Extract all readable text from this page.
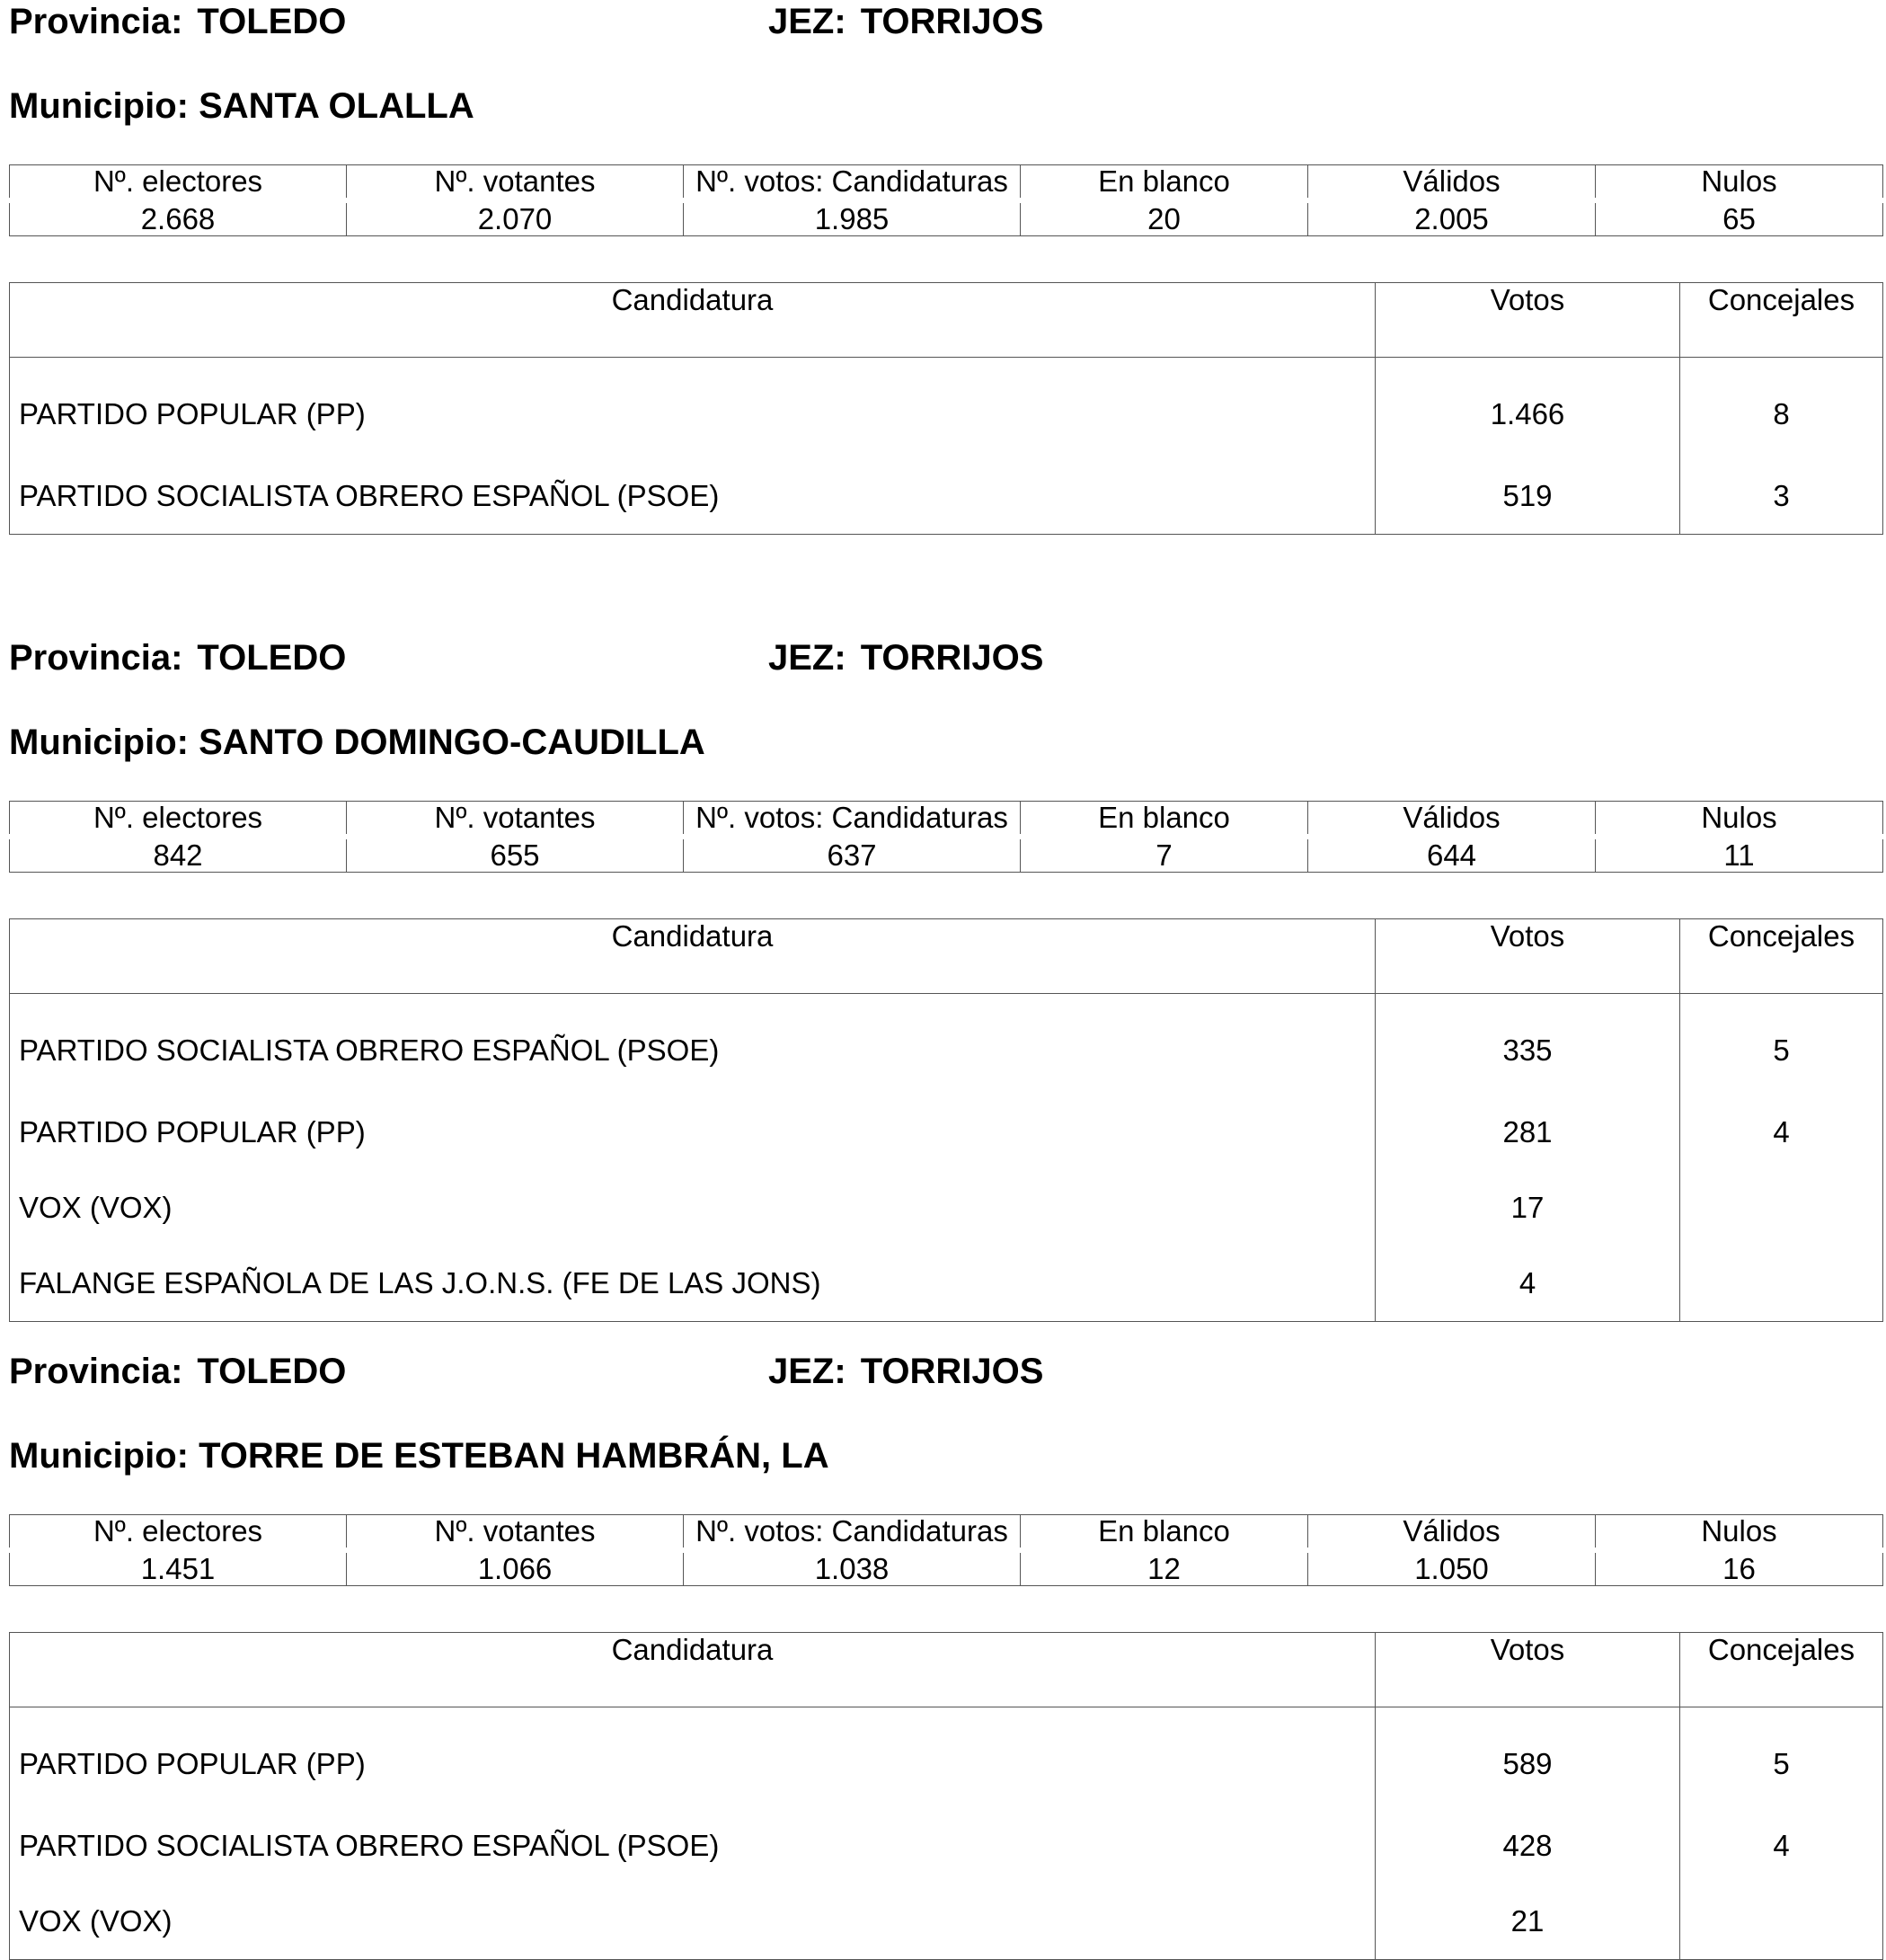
Provincia: TOLEDO	JEZ: TORRIJOS
Municipio: SANTA OLALLA
Nº. electores	Nº. votantes	Nº. votos: Candidaturas	En blanco	Válidos	Nulos
2.668	2.070	1.985	20	2.005	65
Candidatura	Votos	Concejales
PARTIDO POPULAR (PP)	1.466	8
PARTIDO SOCIALISTA OBRERO ESPAÑOL (PSOE)	519	3
Provincia: TOLEDO	JEZ: TORRIJOS
Municipio: SANTO DOMINGO-CAUDILLA
Nº. electores	Nº. votantes	Nº. votos: Candidaturas	En blanco	Válidos	Nulos
842	655	637	7	644	11
Candidatura	Votos	Concejales
PARTIDO SOCIALISTA OBRERO ESPAÑOL (PSOE)	335	5
PARTIDO POPULAR (PP)	281	4
VOX (VOX)	17	
FALANGE ESPAÑOLA DE LAS J.O.N.S. (FE DE LAS JONS)	4	
Provincia: TOLEDO	JEZ: TORRIJOS
Municipio: TORRE DE ESTEBAN HAMBRÁN, LA
Nº. electores	Nº. votantes	Nº. votos: Candidaturas	En blanco	Válidos	Nulos
1.451	1.066	1.038	12	1.050	16
Candidatura	Votos	Concejales
PARTIDO POPULAR (PP)	589	5
PARTIDO SOCIALISTA OBRERO ESPAÑOL (PSOE)	428	4
VOX (VOX)	21	
